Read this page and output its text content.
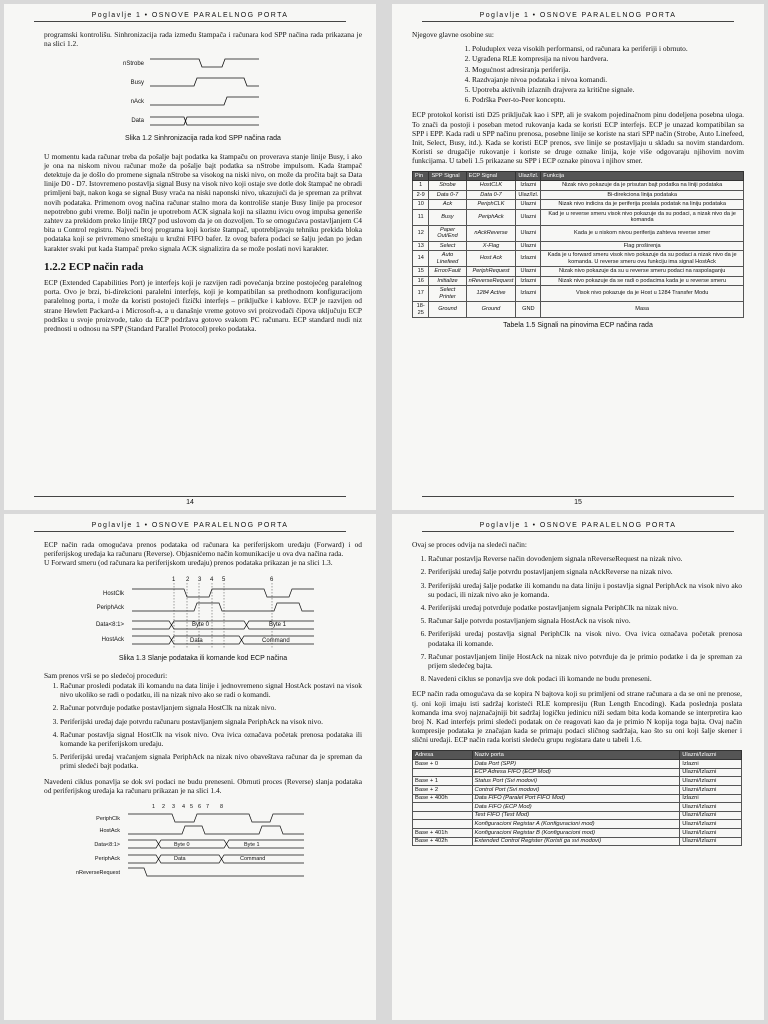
Poglavlje 1 • OSNOVE PARALELNOG PORTA

programski kontrolišu. Sinhronizacija rada između štampača i računara kod SPP načina rada prikazana je na slici 1.2.

nStrobe
Busy
nAck
Data
Slika 1.2 Sinhronizacija rada kod SPP načina rada

U momentu kada računar treba da pošalje bajt podatka ka štampaču on proverava stanje linije Busy, i ako je ona na niskom nivou računar može da pošalje bajt podatka sa nStrobe impulsom. Kada štampač detektuje da je došlo do promene signala nStrobe sa visokog na niski nivo, on može da pročita bajt sa Data linije D0 - D7. Istovremeno postavlja signal Busy na visok nivo koji ostaje sve dotle dok štampač ne obradi primljeni bajt, nakon koga se signal Busy vraća na niski naponski nivo, ukazujući da je spreman za prihvat novih podataka. Primenom ovog načina računar stalno mora da kontroliše stanje Busy linije pa procesor nepotrebno gubi vreme. Bolji način je upotrebom ACK signala koji na silaznu ivicu ovog impulsa generiše zahtev za prekidom preko linije IRQ7 pod uslovom da je on dozvoljen. To se omogućava postavljanjem C4 bita u Control registru. Najveći broj programa koji koriste štampač, upotrebljavaju tehniku prekida bloka podataka koji se privremeno smeštaju u kružni FIFO bafer. Iz ovog bafera podaci se šalju jedan po jedan karakter svaki put kada štampač preko signala ACK signalizira da se može poslati novi karakter.

1.2.2 ECP način rada

ECP (Extended Capabilities Port) je interfejs koji je razvijen radi povećanja brzine postojećeg paralelnog porta. Ovo je brzi, bi-direkcioni paralelni interfejs, koji je kompatibilan sa prethodnom konfiguracijom paralelnog porta, i može da koristi postojeći fizički interfejs – priključke i kablove. ECP je razvijen od strane Hewlett Packard-a i Microsoft-a, a u današnje vreme gotovo svi proizvođači čipova uključuju ECP podršku u svoje proizvode, tako da ECP podržava gotovo svakom PC računaru. ECP standard nudi niz prednosti u odnosu na SPP (Standard Parallel Protocol) preko podataka.

14
Poglavlje 1 • OSNOVE PARALELNOG PORTA

Njegove glavne osobine su:

1. Poluduplex veza visokih performansi, od računara ka periferiji i obrnuto.
2. Ugrađena RLE kompresija na nivou hardvera.
3. Mogućnost adresiranja periferija.
4. Razdvajanje nivoa podataka i nivoa komandi.
5. Upotreba aktivnih izlaznih drajvera za kritične signale.
6. Podrška Peer-to-Peer konceptu.

ECP protokol koristi isti D25 priključak kao i SPP, ali je svakom pojedinačnom pinu dodeljena posebna uloga. To znači da postoji i poseban metod rukovanja kada se koristi ECP interfejs. ECP je unazad kompatibilan sa SPP i EPP. Kada radi u SPP načinu prenosa, posebne linije se koriste na stari SPP način (Strobe, Auto Linefeed, Init, Select, Busy, itd.). Kada se koristi ECP prenos, sve linije se postavljaju u skladu sa novim standardom. Koristi se drugačije rukovanje i koriste se druge oznake linija, koje više odgovaraju njihovim novim funkcijama. U tabeli 1.5 prikazane su SPP i ECP oznake pinova i njihov smer.

Pin	SPP Signal	ECP Signal	Ulaz/Izl.	Funkcija
1	Strobe	HostCLK	Izlazni	Nizak nivo pokazuje da je prisutan bajt podatka na liniji podataka
2-9	Data 0-7	Data 0-7	Ulaz/Izl.	Bi-direkciona linija podataka
10	Ack	PeriphCLK	Ulazni	Nizak nivo indicira da je periferija poslala podatak na liniju podataka
11	Busy	PeriphAck	Ulazni	Kad je u reverse smeru visok nivo pokazuje da su podaci, a nizak nivo da je komanda
12	Paper Out/End	nAckReverse	Ulazni	Kada je u niskom nivou periferija zahteva reverse smer
13	Select	X-Flag	Ulazni	Flag proširenja
14	Auto Linefeed	Host Ack	Izlazni	Kada je u forward smeru visok nivo pokazuje da su podaci a nizak nivo da je komanda. U reverse smeru ovu funkciju ima signal HostAck
15	Error/Fault	PeriphRequest	Ulazni	Nizak nivo pokazuje da su u reverse smeru podaci na raspolaganju
16	Initialize	nReverseRequest	Izlazni	Nizak nivo pokazuje da se radi o podacima kada je u reverse smeru
17	Select Printer	1284 Active	Izlazni	Visok nivo pokazuje da je Host u 1284 Transfer Modu
18-25	Ground	Ground	GND	Masa
Tabela 1.5 Signali na pinovima ECP načina rada
15
Poglavlje 1 • OSNOVE PARALELNOG PORTA

ECP način rada omogućava prenos podataka od računara ka periferijskom uređaju (Forward) i od periferijskog uređaja ka računaru (Reverse). Objasnićemo način komunikacije u ova dva načina rada.

U Forward smeru (od računara ka periferijskom uređaju) prenos podataka prikazan je na slici 1.3.

1 2 3 4 5	6
HostClk
PeriphAck
Data<8:1>
HostAck
Byte 0	Byte 1
Data	Command
Slika 1.3 Slanje podataka ili komande kod ECP načina

Sam prenos vrši se po sledećoj proceduri:

1. Računar prosledi podatak ili komandu na data linije i jednovremeno signal HostAck postavi na visok nivo ukoliko se radi o podatku, ili na nizak nivo ako se radi o komandi.
2. Računar potvrđuje podatke postavljanjem signala HostClk na nizak nivo.
3. Periferijski uređaj daje potvrdu računaru postavljanjem signala PeriphAck na visok nivo.
4. Računar postavlja signal HostClk na visok nivo. Ova ivica označava početak prenosa podataka ili komande ka periferijskom uređaju.
5. Periferijski uređaj vraćanjem signala PeriphAck na nizak nivo obaveštava računar da je spreman da primi sledeći bajt podatka.

Navedeni ciklus ponavlja se dok svi podaci ne budu preneseni. Obrnuti proces (Reverse) slanja podataka od periferijskog uređaja ka računaru prikazan je na slici 1.4.

1 2 3 4 5 6 7 8
PeriphClk
HostAck
Data<8:1>
PeriphAck
nReverseRequest
Byte 0	Byte 1
Data	Command
Poglavlje 1 • OSNOVE PARALELNOG PORTA

Ovaj se proces odvija na sledeći način:

1. Računar postavlja Reverse način dovođenjem signala nReverseRequest na nizak nivo.
2. Periferijski uređaj šalje potvrdu postavljanjem signala nAckReverse na nizak nivo.
3. Periferijski uređaj šalje podatke ili komandu na data liniju i postavlja signal PeriphAck na visok nivo ako su podaci, ili nizak nivo ako je komanda.
4. Periferijski uređaj potvrđuje podatke postavljanjem signala PeriphClk na nizak nivo.
5. Računar šalje potvrdu postavljanjem signala HostAck na visok nivo.
6. Periferijski uređaj postavlja signal PeriphClk na visok nivo. Ova ivica označava početak prenosa podataka ili komande.
7. Računar postavljanjem linije HostAck na nizak nivo potvrđuje da je primio podatke i da je spreman za prijem sledećeg bajta.
8. Navedeni ciklus se ponavlja sve dok podaci ili komande ne budu preneseni.

ECP način rada omogućava da se kopira N bajtova koji su primljeni od strane računara a da se oni ne prenose, tj. oni koji imaju isti sadržaj koristeći RLE kompresiju (Run Length Encoding). Kada poslednja poslata komanda ima svoj najznačajniji bit sadržaj logičku jedinicu niži sedam bita koda komande se interpretira kao broj N. Kad interfejs primi sledeći podatak on će reagovati kao da je primio N kopija toga bajta. Ovaj način kompresije podataka je značajan kada se primaju podaci sličnog sadržaja, kao što su oni koji šalje skener i slični uređaji. ECP način rada koristi sledeću grupu registara date u tabeli 1.6.

Adresa	Naziv porta	Ulazni/Izlazni
Base + 0	Data Port (SPP)	Izlazni
	ECP Adresa FIFO (ECP Mod)	Ulazni/Izlazni
Base + 1	Status Port (Svi modovi)	Ulazni/Izlazni
Base + 2	Control Port (Svi modovi)	Ulazni/Izlazni
Base + 400h	Data FIFO (Paralel Port FIFO Mod)	Izlazni
	Data FIFO (ECP Mod)	Ulazni/Izlazni
	Test FIFO (Test Mod)	Ulazni/Izlazni
	Konfiguracioni Registar A (Konfiguracioni mod)	Ulazni/Izlazni
Base + 401h	Konfiguracioni Registar B (Konfiguracioni mod)	Ulazni/Izlazni
Base + 402h	Extended Control Register (Koristi ga svi modovi)	Ulazni/Izlazni
